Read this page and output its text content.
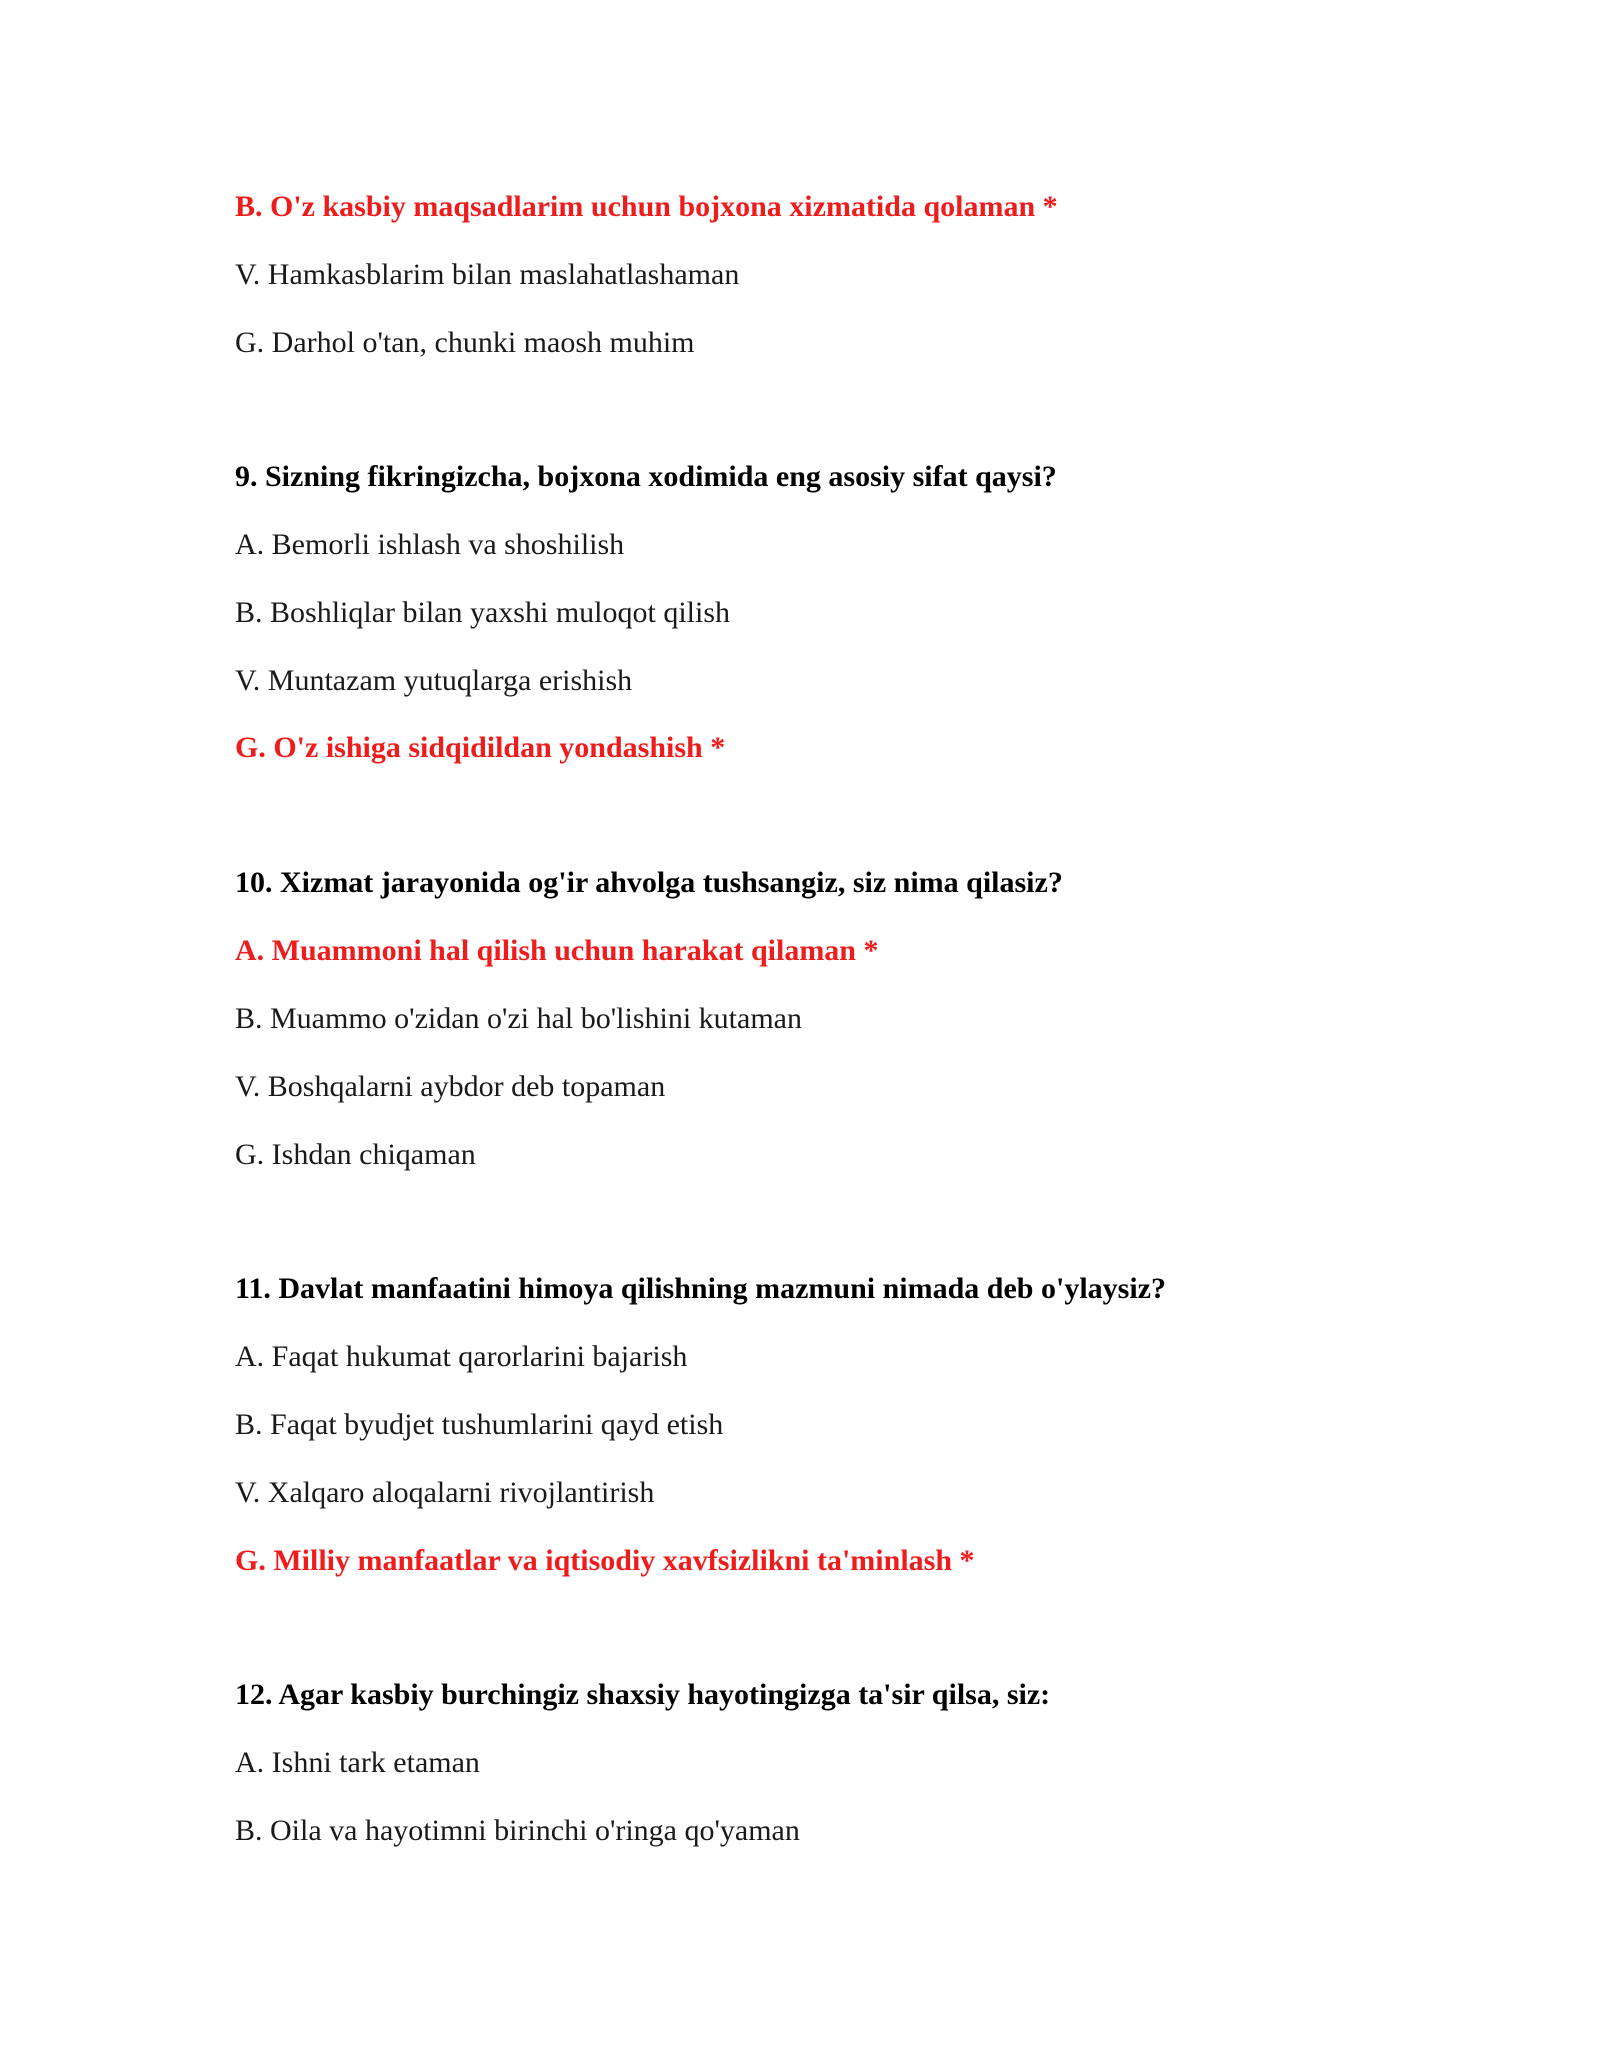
B. O'z kasbiy maqsadlarim uchun bojxona xizmatida qolaman *
V. Hamkasblarim bilan maslahatlashaman
G. Darhol o'tan, chunki maosh muhim
9. Sizning fikringizcha, bojxona xodimida eng asosiy sifat qaysi?
A. Bemorli ishlash va shoshilish
B. Boshliqlar bilan yaxshi muloqot qilish
V. Muntazam yutuqlarga erishish
G. O'z ishiga sidqidildan yondashish *
10. Xizmat jarayonida og'ir ahvolga tushsangiz, siz nima qilasiz?
A. Muammoni hal qilish uchun harakat qilaman *
B. Muammo o'zidan o'zi hal bo'lishini kutaman
V. Boshqalarni aybdor deb topaman
G. Ishdan chiqaman
11. Davlat manfaatini himoya qilishning mazmuni nimada deb o'ylaysiz?
A. Faqat hukumat qarorlarini bajarish
B. Faqat byudjet tushumlarini qayd etish
V. Xalqaro aloqalarni rivojlantirish
G. Milliy manfaatlar va iqtisodiy xavfsizlikni ta'minlash *
12. Agar kasbiy burchingiz shaxsiy hayotingizga ta'sir qilsa, siz:
A. Ishni tark etaman
B. Oila va hayotimni birinchi o'ringa qo'yaman
